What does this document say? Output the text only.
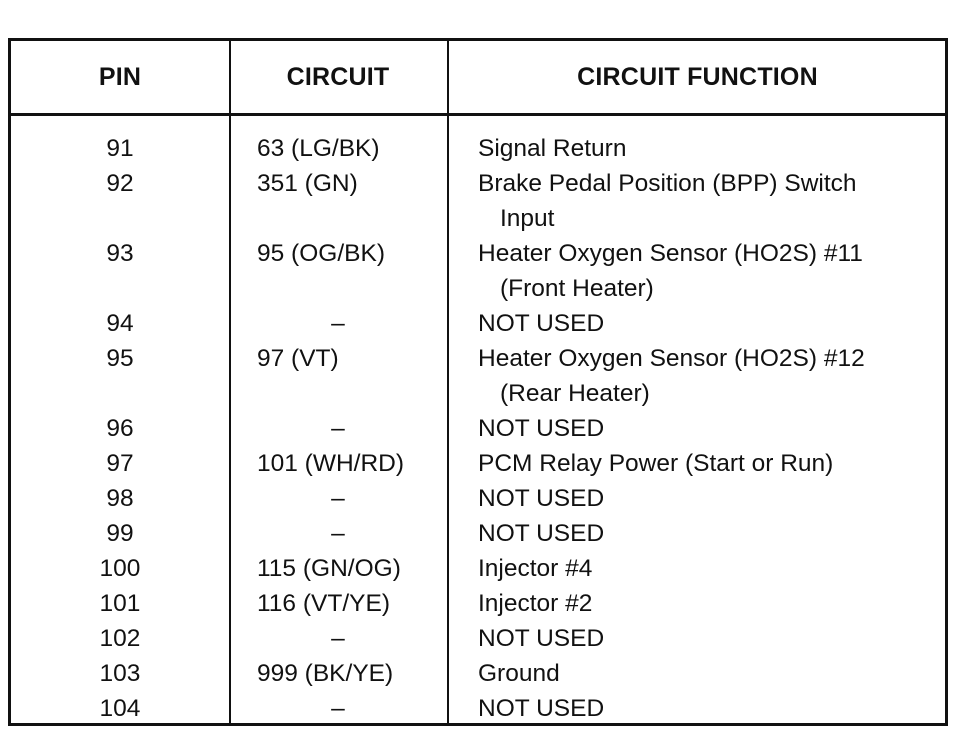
PIN	CIRCUIT	CIRCUIT FUNCTION
91	63 (LG/BK)	Signal Return
92	351 (GN)	Brake Pedal Position (BPP) Switch
Input
93	95 (OG/BK)	Heater Oxygen Sensor (HO2S) #11
(Front Heater)
94	–	NOT USED
95	97 (VT)	Heater Oxygen Sensor (HO2S) #12
(Rear Heater)
96	–	NOT USED
97	101 (WH/RD)	PCM Relay Power (Start or Run)
98	–	NOT USED
99	–	NOT USED
100	115 (GN/OG)	Injector #4
101	116 (VT/YE)	Injector #2
102	–	NOT USED
103	999 (BK/YE)	Ground
104	–	NOT USED
